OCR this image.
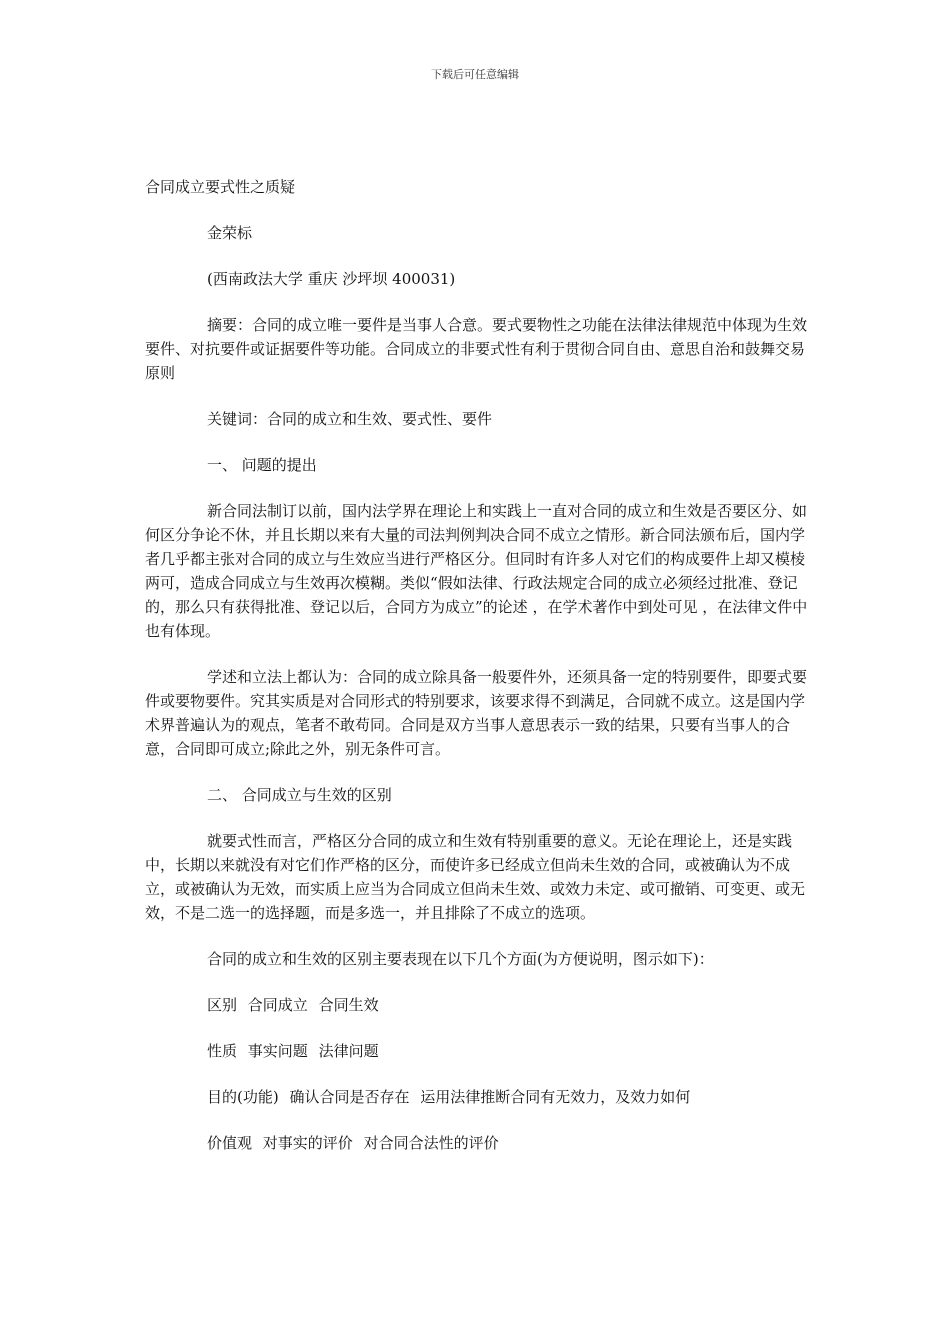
下载后可任意编辑

合同成立要式性之质疑

金荣标

(西南政法大学 重庆 沙坪坝 400031)

摘要：合同的成立唯一要件是当事人合意。要式要物性之功能在法律法律规范中体现为生效要件、对抗要件或证据要件等功能。合同成立的非要式性有利于贯彻合同自由、意思自治和鼓舞交易原则

关键词：合同的成立和生效、要式性、要件

一、 问题的提出

新合同法制订以前，国内法学界在理论上和实践上一直对合同的成立和生效是否要区分、如何区分争论不休，并且长期以来有大量的司法判例判决合同不成立之情形。新合同法颁布后，国内学者几乎都主张对合同的成立与生效应当进行严格区分。但同时有许多人对它们的构成要件上却又模棱两可，造成合同成立与生效再次模糊。类似“假如法律、行政法规定合同的成立必须经过批准、登记的，那么只有获得批准、登记以后，合同方为成立”的论述 ，在学术著作中到处可见 ，在法律文件中也有体现。

学述和立法上都认为：合同的成立除具备一般要件外，还须具备一定的特别要件，即要式要件或要物要件。究其实质是对合同形式的特别要求，该要求得不到满足，合同就不成立。这是国内学术界普遍认为的观点，笔者不敢苟同。合同是双方当事人意思表示一致的结果，只要有当事人的合意，合同即可成立;除此之外，别无条件可言。

二、 合同成立与生效的区别

就要式性而言，严格区分合同的成立和生效有特别重要的意义。无论在理论上，还是实践中，长期以来就没有对它们作严格的区分，而使许多已经成立但尚未生效的合同，或被确认为不成立，或被确认为无效，而实质上应当为合同成立但尚未生效、或效力未定、或可撤销、可变更、或无效，不是二选一的选择题，而是多选一，并且排除了不成立的选项。

合同的成立和生效的区别主要表现在以下几个方面(为方便说明，图示如下)：

区别 合同成立 合同生效
性质 事实问题 法律问题
目的(功能) 确认合同是否存在 运用法律推断合同有无效力，及效力如何
价值观 对事实的评价 对合同合法性的评价
